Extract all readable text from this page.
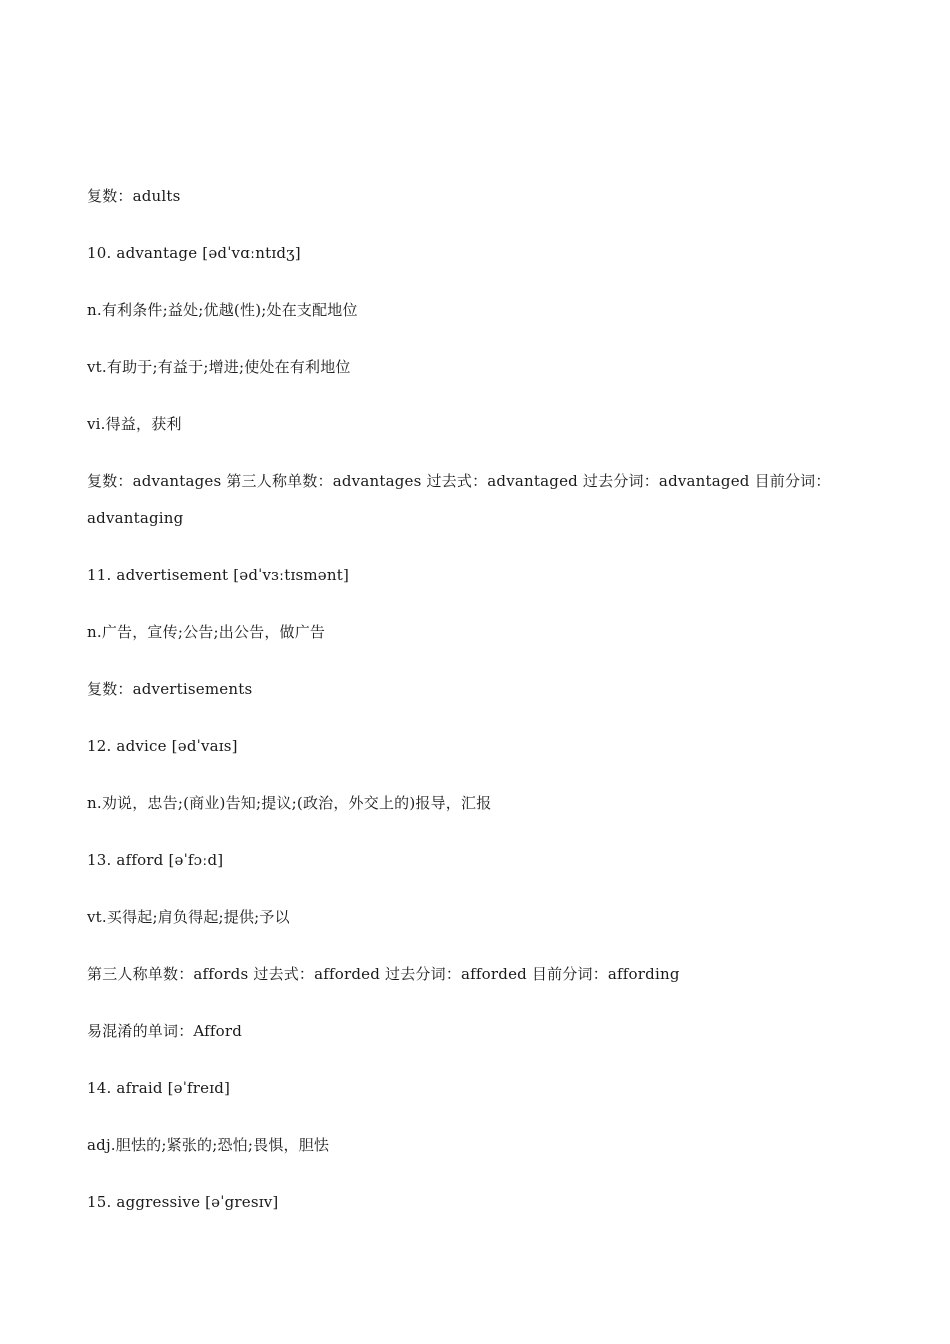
复数：adults
10. advantage [ədˈvɑːntɪdʒ]
n.有利条件;益处;优越(性);处在支配地位
vt.有助于;有益于;增进;使处在有利地位
vi.得益，获利
复数：advantages 第三人称单数：advantages 过去式：advantaged 过去分词：advantaged 目前分词：
advantaging
11. advertisement [ədˈvɜːtɪsmənt]
n.广告，宣传;公告;出公告，做广告
复数：advertisements
12. advice [ədˈvaɪs]
n.劝说，忠告;(商业)告知;提议;(政治，外交上的)报导，汇报
13. afford [əˈfɔːd]
vt.买得起;肩负得起;提供;予以
第三人称单数：affords 过去式：afforded 过去分词：afforded 目前分词：affording
易混淆的单词：Afford
14. afraid [əˈfreɪd]
adj.胆怯的;紧张的;恐怕;畏惧，胆怯
15. aggressive [əˈgresɪv]
